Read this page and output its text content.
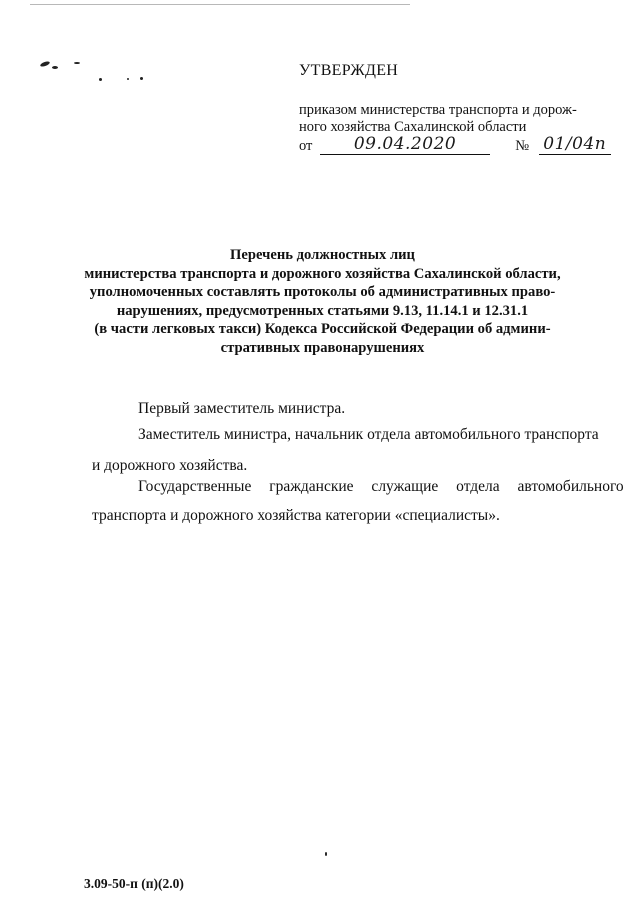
УТВЕРЖДЕН
приказом министерства транспорта и дорож-
ного хозяйства Сахалинской области
от 09.04.2020	№ 01/04п
Перечень должностных лиц
министерства транспорта и дорожного хозяйства Сахалинской области,
уполномоченных составлять протоколы об административных право-
нарушениях, предусмотренных статьями 9.13, 11.14.1 и 12.31.1
(в части легковых такси) Кодекса Российской Федерации об админи-
стративных правонарушениях
Первый заместитель министра.
Заместитель министра, начальник отдела автомобильного транспорта
и дорожного хозяйства.
Государственные гражданские служащие отдела автомобильного
транспорта и дорожного хозяйства категории «специалисты».
3.09-50-п (п)(2.0)
